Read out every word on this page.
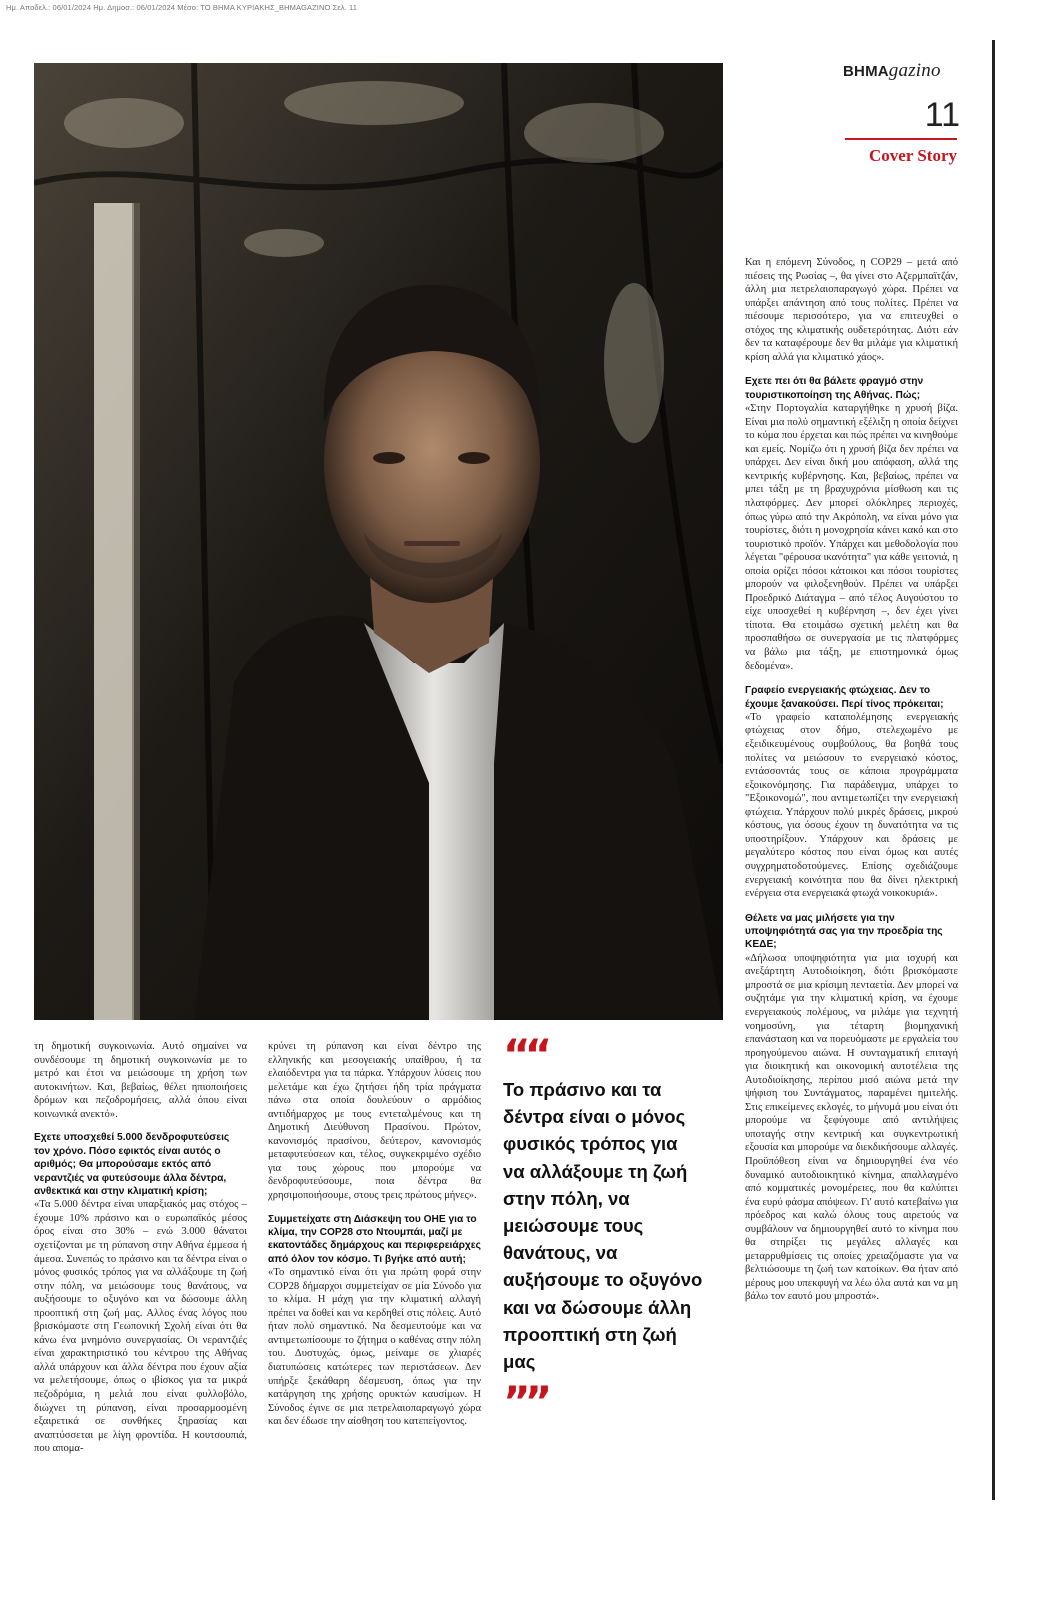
Ημ. Αποδελ.: 06/01/2024 Ημ. Δημοσ.: 06/01/2024 Μέσο: ΤΟ ΒΗΜΑ ΚΥΡΙΑΚΗΣ_ΒΗΜAGAZINO Σελ. 11
ΒΗΜΑgazino
11
Cover Story

Και η επόμενη Σύνοδος, η COP29 – μετά από πιέσεις της Ρωσίας –, θα γίνει στο Αζερμπαϊτζάν, άλλη μια πετρελαιοπαραγωγό χώρα. Πρέπει να υπάρξει απάντηση από τους πολίτες. Πρέπει να πιέσουμε περισσότερο, για να επιτευχθεί ο στόχος της κλιματικής ουδετερότητας. Διότι εάν δεν τα καταφέρουμε δεν θα μιλάμε για κλιματική κρίση αλλά για κλιματικό χάος».

Εχετε πει ότι θα βάλετε φραγμό στην τουριστικοποίηση της Αθήνας. Πώς;

«Στην Πορτογαλία καταργήθηκε η χρυσή βίζα. Είναι μια πολύ σημαντική εξέλιξη η οποία δείχνει το κύμα που έρχεται και πώς πρέπει να κινηθούμε και εμείς. Νομίζω ότι η χρυσή βίζα δεν πρέπει να υπάρχει. Δεν είναι δική μου απόφαση, αλλά της κεντρικής κυβέρνησης. Και, βεβαίως, πρέπει να μπει τάξη με τη βραχυχρόνια μίσθωση και τις πλατφόρμες. Δεν μπορεί ολόκληρες περιοχές, όπως γύρω από την Ακρόπολη, να είναι μόνο για τουρίστες, διότι η μονοχρησία κάνει κακό και στο τουριστικό προϊόν. Υπάρχει και μεθοδολογία που λέγεται "φέρουσα ικανότητα" για κάθε γειτονιά, η οποία ορίζει πόσοι κάτοικοι και πόσοι τουρίστες μπορούν να φιλοξενηθούν. Πρέπει να υπάρξει Προεδρικό Διάταγμα – από τέλος Αυγούστου το είχε υποσχεθεί η κυβέρνηση –, δεν έχει γίνει τίποτα. Θα ετοιμάσω σχετική μελέτη και θα προσπαθήσω σε συνεργασία με τις πλατφόρμες να βάλω μια τάξη, με επιστημονικά όμως δεδομένα».

Γραφείο ενεργειακής φτώχειας. Δεν το έχουμε ξανακούσει. Περί τίνος πρόκειται;

«Το γραφείο καταπολέμησης ενεργειακής φτώχειας στον δήμο, στελεχωμένο με εξειδικευμένους συμβούλους, θα βοηθά τους πολίτες να μειώσουν το ενεργειακό κόστος, εντάσσοντάς τους σε κάποια προγράμματα εξοικονόμησης. Για παράδειγμα, υπάρχει το "Εξοικονομώ", που αντιμετωπίζει την ενεργειακή φτώχεια. Υπάρχουν πολύ μικρές δράσεις, μικρού κόστους, για όσους έχουν τη δυνατότητα να τις υποστηρίξουν. Υπάρχουν και δράσεις με μεγαλύτερο κόστος που είναι όμως και αυτές συγχρηματοδοτούμενες. Επίσης σχεδιάζουμε ενεργειακή κοινότητα που θα δίνει ηλεκτρική ενέργεια στα ενεργειακά φτωχά νοικοκυριά».

Θέλετε να μας μιλήσετε για την υποψηφιότητά σας για την προεδρία της ΚΕΔΕ;

«Δήλωσα υποψηφιότητα για μια ισχυρή και ανεξάρτητη Αυτοδιοίκηση, διότι βρισκόμαστε μπροστά σε μια κρίσιμη πενταετία. Δεν μπορεί να συζητάμε για την κλιματική κρίση, να έχουμε ενεργειακούς πολέμους, να μιλάμε για τεχνητή νοημοσύνη, για τέταρτη βιομηχανική επανάσταση και να πορευόμαστε με εργαλεία του προηγούμενου αιώνα. Η συνταγματική επιταγή για διοικητική και οικονομική αυτοτέλεια της Αυτοδιοίκησης, περίπου μισό αιώνα μετά την ψήφιση του Συντάγματος, παραμένει ημιτελής. Στις επικείμενες εκλογές, το μήνυμά μου είναι ότι μπορούμε να ξεφύγουμε από αντιλήψεις υποταγής στην κεντρική και συγκεντρωτική εξουσία και μπορούμε να διεκδικήσουμε αλλαγές. Προϋπόθεση είναι να δημιουργηθεί ένα νέο δυναμικό αυτοδιοικητικό κίνημα, απαλλαγμένο από κομματικές μονομέρειες, που θα καλύπτει ένα ευρύ φάσμα απόψεων. Γι' αυτό κατεβαίνω για πρόεδρος και καλώ όλους τους αιρετούς να συμβάλουν να δημιουργηθεί αυτό το κίνημα που θα στηρίξει τις μεγάλες αλλαγές και μεταρρυθμίσεις τις οποίες χρειαζόμαστε για να βελτιώσουμε τη ζωή των κατοίκων. Θα ήταν από μέρους μου υπεκφυγή να λέω όλα αυτά και να μη βάλω τον εαυτό μου μπροστά».

τη δημοτική συγκοινωνία. Αυτό σημαίνει να συνδέσουμε τη δημοτική συγκοινωνία με το μετρό και έτσι να μειώσουμε τη χρήση των αυτοκινήτων. Και, βεβαίως, θέλει ηπιοποιήσεις δρόμων και πεζοδρομήσεις, αλλά όπου είναι κοινωνικά ανεκτό».

Εχετε υποσχεθεί 5.000 δενδροφυτεύσεις τον χρόνο. Πόσο εφικτός είναι αυτός ο αριθμός; Θα μπορούσαμε εκτός από νεραντζιές να φυτεύσουμε άλλα δέντρα, ανθεκτικά και στην κλιματική κρίση;

«Τα 5.000 δέντρα είναι υπαρξιακός μας στόχος – έχουμε 10% πράσινο και ο ευρωπαϊκός μέσος όρος είναι στο 30% – ενώ 3.000 θάνατοι σχετίζονται με τη ρύπανση στην Αθήνα έμμεσα ή άμεσα. Συνεπώς το πράσινο και τα δέντρα είναι ο μόνος φυσικός τρόπος για να αλλάξουμε τη ζωή στην πόλη, να μειώσουμε τους θανάτους, να αυξήσουμε το οξυγόνο και να δώσουμε άλλη προοπτική στη ζωή μας. Αλλος ένας λόγος που βρισκόμαστε στη Γεωπονική Σχολή είναι ότι θα κάνω ένα μνημόνιο συνεργασίας. Οι νεραντζιές είναι χαρακτηριστικό του κέντρου της Αθήνας αλλά υπάρχουν και άλλα δέντρα που έχουν αξία να μελετήσουμε, όπως ο ιβίσκος για τα μικρά πεζοδρόμια, η μελιά που είναι φυλλοβόλο, διώχνει τη ρύπανση, είναι προσαρμοσμένη εξαιρετικά σε συνθήκες ξηρασίας και αναπτύσσεται με λίγη φροντίδα. Η κουτσουπιά, που απομα-

κρύνει τη ρύπανση και είναι δέντρο της ελληνικής και μεσογειακής υπαίθρου, ή τα ελαιόδεντρα για τα πάρκα. Υπάρχουν λύσεις που μελετάμε και έχω ζητήσει ήδη τρία πράγματα πάνω στα οποία δουλεύουν ο αρμόδιος αντιδήμαρχος με τους εντεταλμένους και τη Δημοτική Διεύθυνση Πρασίνου. Πρώτον, κανονισμός πρασίνου, δεύτερον, κανονισμός μεταφυτεύσεων και, τέλος, συγκεκριμένο σχέδιο για τους χώρους που μπορούμε να δενδροφυτεύσουμε, ποια δέντρα θα χρησιμοποιήσουμε, στους τρεις πρώτους μήνες».

Συμμετείχατε στη Διάσκεψη του ΟΗΕ για το κλίμα, την COP28 στο Ντουμπάι, μαζί με εκατοντάδες δημάρχους και περιφερειάρχες από όλον τον κόσμο. Τι βγήκε από αυτή;

«Το σημαντικό είναι ότι για πρώτη φορά στην COP28 δήμαρχοι συμμετείχαν σε μία Σύνοδο για το κλίμα. Η μάχη για την κλιματική αλλαγή πρέπει να δοθεί και να κερδηθεί στις πόλεις. Αυτό ήταν πολύ σημαντικό. Να δεσμευτούμε και να αντιμετωπίσουμε το ζήτημα ο καθένας στην πόλη του. Δυστυχώς, όμως, μείναμε σε χλιαρές διατυπώσεις κατώτερες των περιστάσεων. Δεν υπήρξε ξεκάθαρη δέσμευση, όπως για την κατάργηση της χρήσης ορυκτών καυσίμων. Η Σύνοδος έγινε σε μια πετρελαιοπαραγωγό χώρα και δεν έδωσε την αίσθηση του κατεπείγοντος.

““
Το πράσινο και τα δέντρα είναι ο μόνος φυσικός τρόπος για να αλλάξουμε τη ζωή στην πόλη, να μειώσουμε τους θανάτους, να αυξήσουμε το οξυγόνο και να δώσουμε άλλη προοπτική στη ζωή μας
””
